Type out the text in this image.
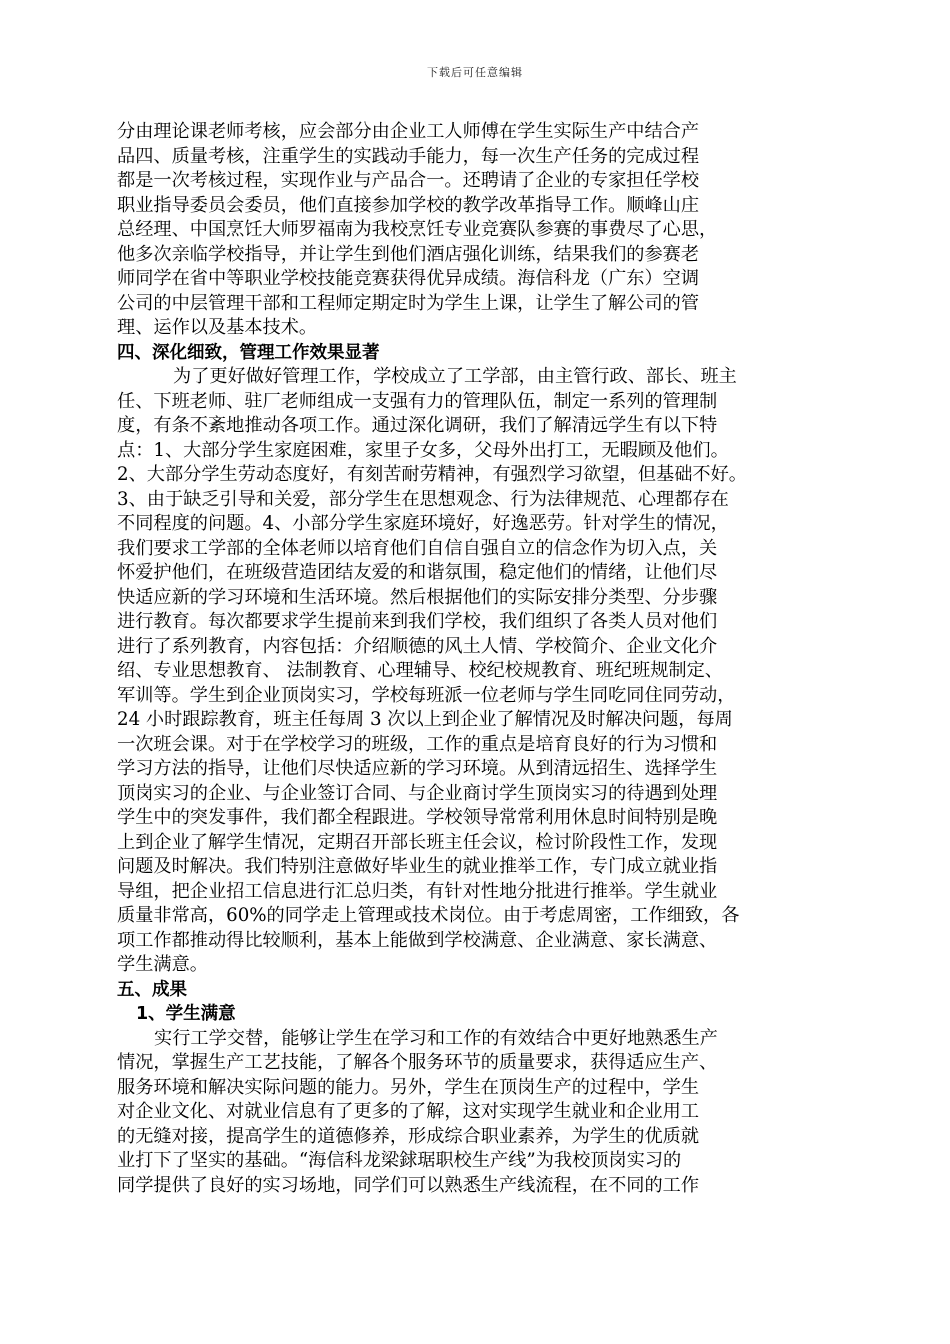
下载后可任意编辑
分由理论课老师考核，应会部分由企业工人师傅在学生实际生产中结合产
品四、质量考核，注重学生的实践动手能力，每一次生产任务的完成过程
都是一次考核过程，实现作业与产品合一。还聘请了企业的专家担任学校
职业指导委员会委员，他们直接参加学校的教学改革指导工作。顺峰山庄
总经理、中国烹饪大师罗福南为我校烹饪专业竞赛队参赛的事费尽了心思，
他多次亲临学校指导，并让学生到他们酒店强化训练，结果我们的参赛老
师同学在省中等职业学校技能竞赛获得优异成绩。海信科龙（广东）空调
公司的中层管理干部和工程师定期定时为学生上课，让学生了解公司的管
理、运作以及基本技术。
四、深化细致，管理工作效果显著
为了更好做好管理工作，学校成立了工学部，由主管行政、部长、班主
任、下班老师、驻厂老师组成一支强有力的管理队伍，制定一系列的管理制
度，有条不紊地推动各项工作。通过深化调研，我们了解清远学生有以下特
点：1、大部分学生家庭困难，家里子女多，父母外出打工，无暇顾及他们。
2、大部分学生劳动态度好，有刻苦耐劳精神，有强烈学习欲望，但基础不好。
3、由于缺乏引导和关爱，部分学生在思想观念、行为法律规范、心理都存在
不同程度的问题。4、小部分学生家庭环境好，好逸恶劳。针对学生的情况，
我们要求工学部的全体老师以培育他们自信自强自立的信念作为切入点，关
怀爱护他们，在班级营造团结友爱的和谐氛围，稳定他们的情绪，让他们尽
快适应新的学习环境和生活环境。然后根据他们的实际安排分类型、分步骤
进行教育。每次都要求学生提前来到我们学校，我们组织了各类人员对他们
进行了系列教育，内容包括：介绍顺德的风土人情、学校简介、企业文化介
绍、专业思想教育、 法制教育、心理辅导、校纪校规教育、班纪班规制定、
军训等。学生到企业顶岗实习，学校每班派一位老师与学生同吃同住同劳动，
24 小时跟踪教育，班主任每周 3 次以上到企业了解情况及时解决问题，每周
一次班会课。对于在学校学习的班级，工作的重点是培育良好的行为习惯和
学习方法的指导，让他们尽快适应新的学习环境。从到清远招生、选择学生
顶岗实习的企业、与企业签订合同、与企业商讨学生顶岗实习的待遇到处理
学生中的突发事件，我们都全程跟进。学校领导常常利用休息时间特别是晚
上到企业了解学生情况，定期召开部长班主任会议，检讨阶段性工作，发现
问题及时解决。我们特别注意做好毕业生的就业推举工作，专门成立就业指
导组，把企业招工信息进行汇总归类，有针对性地分批进行推举。学生就业
质量非常高，60%的同学走上管理或技术岗位。由于考虑周密，工作细致，各
项工作都推动得比较顺利，基本上能做到学校满意、企业满意、家长满意、
学生满意。
五、成果
1、学生满意
实行工学交替，能够让学生在学习和工作的有效结合中更好地熟悉生产
情况，掌握生产工艺技能，了解各个服务环节的质量要求，获得适应生产、
服务环境和解决实际问题的能力。另外，学生在顶岗生产的过程中，学生
对企业文化、对就业信息有了更多的了解，这对实现学生就业和企业用工
的无缝对接，提高学生的道德修养，形成综合职业素养，为学生的优质就
业打下了坚实的基础。“海信科龙梁銶琚职校生产线”为我校顶岗实习的
同学提供了良好的实习场地，同学们可以熟悉生产线流程，在不同的工作
